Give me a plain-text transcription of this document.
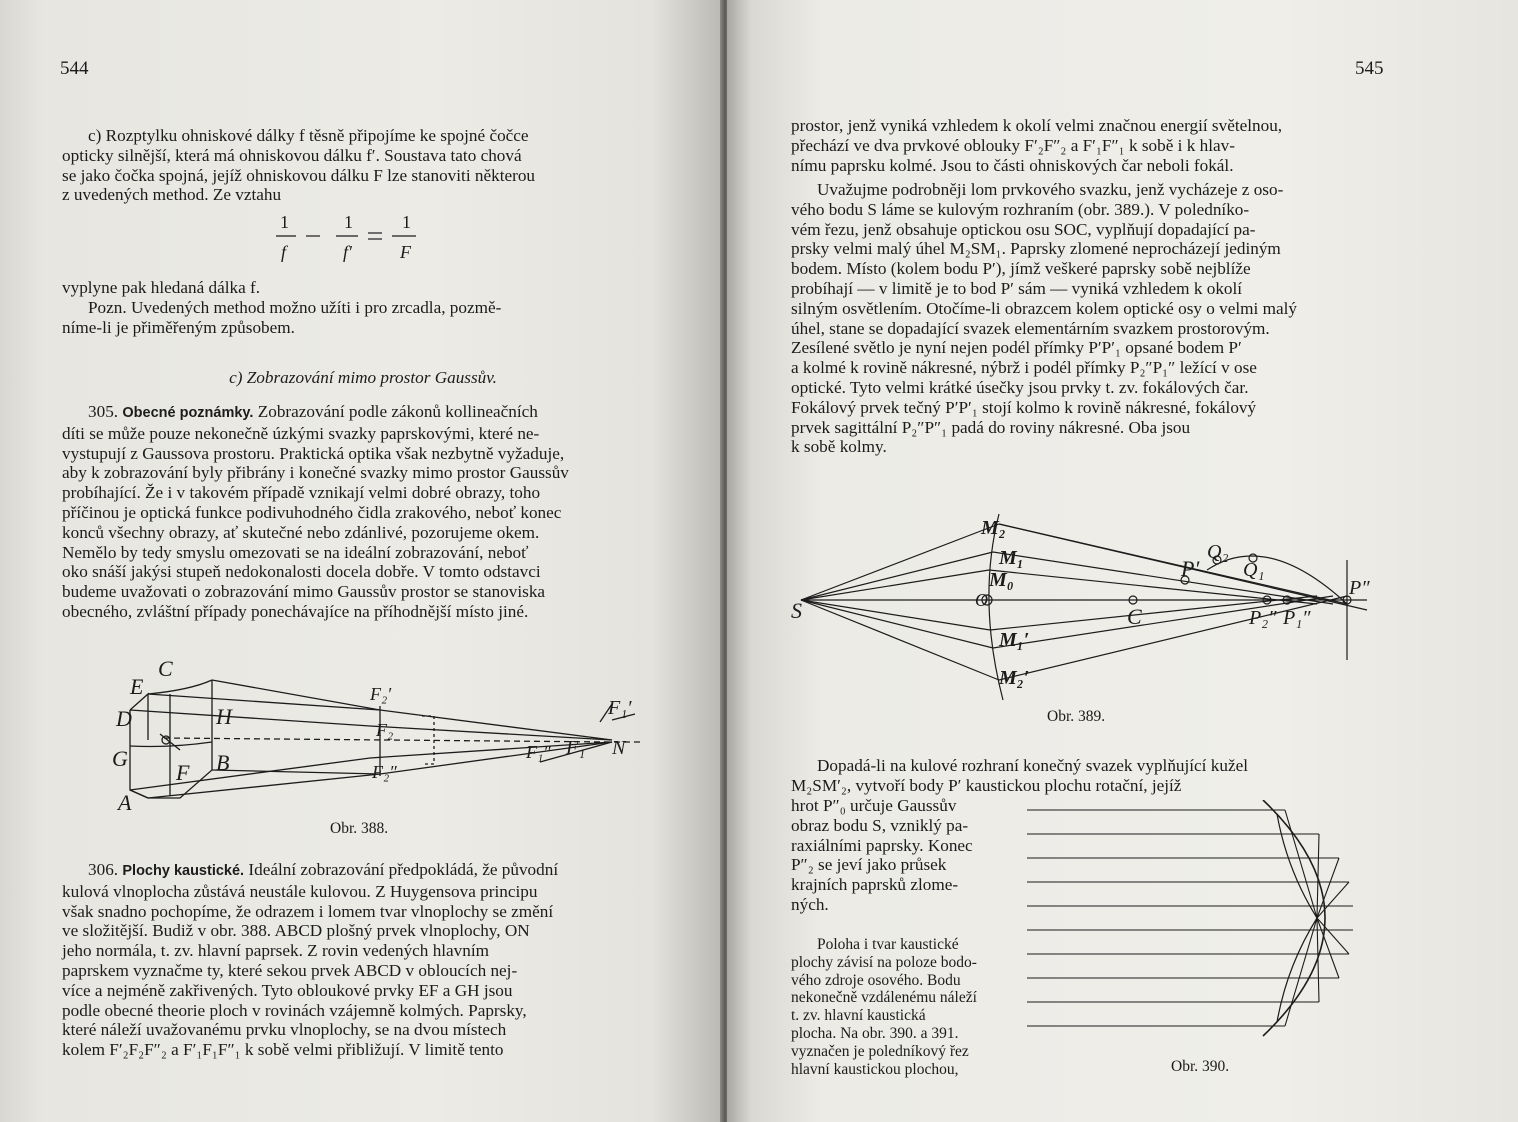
544

c) Rozptylku ohniskové dálky f těsně připojíme ke spojné čočce

opticky silnější, která má ohniskovou dálku f′. Soustava tato chová

se jako čočka spojná, jejíž ohniskovou dálku F lze stanoviti některou

z uvedených method. Ze vztahu

1
f
1
f′
1
F

vyplyne pak hledaná dálka f.

Pozn. Uvedených method možno užíti i pro zrcadla, pozmě-

níme-li je přiměřeným způsobem.

c) Zobrazování mimo prostor Gaussův.

305. Obecné poznámky. Zobrazování podle zákonů kollineačních

díti se může pouze nekonečně úzkými svazky paprskovými, které ne-

vystupují z Gaussova prostoru. Praktická optika však nezbytně vyžaduje,

aby k zobrazování byly přibrány i konečné svazky mimo prostor Gaussův

probíhající. Že i v takovém případě vznikají velmi dobré obrazy, toho

příčinou je optická funkce podivuhodného čidla zrakového, neboť konec

konců všechny obrazy, ať skutečné nebo zdánlivé, pozorujeme okem.

Nemělo by tedy smyslu omezovati se na ideální zobrazování, neboť

oko snáší jakýsi stupeň nedokonalosti docela dobře. V tomto odstavci

budeme uvažovati o zobrazování mimo Gaussův prostor se stanoviska

obecného, zvláštní případy ponechávajíce na příhodnější místo jiné.

C
E
D
G
A
H
B
F
F₂′
F₂
F₂″
F₁′
F₁
F₁″	N
Obr. 388.

306. Plochy kaustické. Ideální zobrazování předpokládá, že původní

kulová vlnoplocha zůstává neustále kulovou. Z Huygensova principu

však snadno pochopíme, že odrazem i lomem tvar vlnoplochy se změní

ve složitější. Budiž v obr. 388. ABCD plošný prvek vlnoplochy, ON

jeho normála, t. zv. hlavní paprsek. Z rovin vedených hlavním

paprskem vyznačme ty, které sekou prvek ABCD v obloucích nej-

více a nejméně zakřivených. Tyto obloukové prvky EF a GH jsou

podle obecné theorie ploch v rovinách vzájemně kolmých. Paprsky,

které náleží uvažovanému prvku vlnoplochy, se na dvou místech

kolem F′₂F₂F″₂ a F′₁F₁F″₁ k sobě velmi přibližují. V limitě tento

545

prostor, jenž vyniká vzhledem k okolí velmi značnou energií světelnou,

přechází ve dva prvkové oblouky F′₂F″₂ a F′₁F″₁ k sobě i k hlav-

nímu paprsku kolmé. Jsou to části ohniskových čar neboli fokál.

Uvažujme podrobněji lom prvkového svazku, jenž vycházeje z oso-

vého bodu S láme se kulovým rozhraním (obr. 389.). V poledníko-

vém řezu, jenž obsahuje optickou osu SOC, vyplňují dopadající pa-

prsky velmi malý úhel M₂SM₁. Paprsky zlomené neprocházejí jediným

bodem. Místo (kolem bodu P′), jímž veškeré paprsky sobě nejblíže

probíhají — v limitě je to bod P′ sám — vyniká vzhledem k okolí

silným osvětlením. Otočíme-li obrazcem kolem optické osy o velmi malý

úhel, stane se dopadající svazek elementárním svazkem prostorovým.

Zesílené světlo je nyní nejen podél přímky P′P′₁ opsané bodem P′

a kolmé k rovině nákresné, nýbrž i podél přímky P₂″P₁″ ležící v ose

optické. Tyto velmi krátké úsečky jsou prvky t. zv. fokálových čar.

Fokálový prvek tečný P′P′₁ stojí kolmo k rovině nákresné, fokálový

prvek sagittální P₂″P″₁ padá do roviny nákresné. Oba jsou

k sobě kolmy.

S
M₂
M₁
M₀
M₁′
M₂′
O
C
P′
Q₂
Q₁
P₂″ P₁″
P″
Obr. 389.

Dopadá-li na kulové rozhraní konečný svazek vyplňující kužel

M₂SM′₂, vytvoří body P′ kaustickou plochu rotační, jejíž

hrot P″₀ určuje Gaussův

obraz bodu S, vzniklý pa-

raxiálními paprsky. Konec

P″₂ se jeví jako průsek

krajních paprsků zlome-

ných.

Poloha i tvar kaustické

plochy závisí na poloze bodo-

vého zdroje osového. Bodu

nekonečně vzdálenému náleží

t. zv. hlavní kaustická

plocha. Na obr. 390. a 391.

vyznačen je poledníkový řez

hlavní kaustickou plochou,	Obr. 390.
